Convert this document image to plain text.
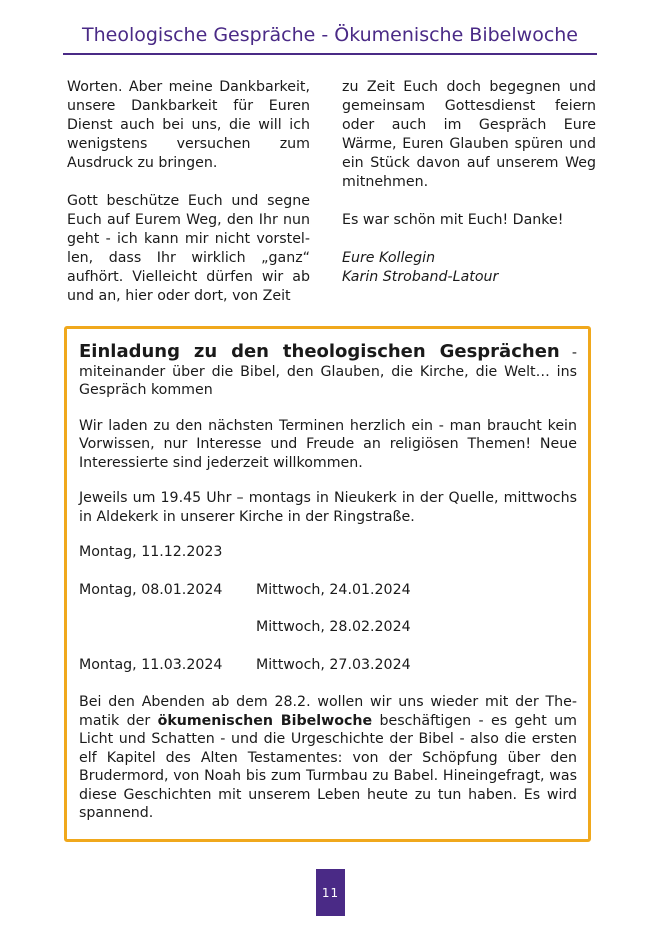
Theologische Gespräche - Ökumenische Bibelwoche

Worten. Aber meine Dankbarkeit, unsere Dankbarkeit für Euren Dienst auch bei uns, die will ich wenigstens versuchen zum Ausdruck zu bringen.

Gott beschütze Euch und segne Euch auf Eurem Weg, den Ihr nun geht - ich kann mir nicht vorstellen, dass Ihr wirklich „ganz“ aufhört. Vielleicht dürfen wir ab und an, hier oder dort, von Zeit

zu Zeit Euch doch begegnen und gemeinsam Gottesdienst feiern oder auch im Gespräch Eure Wärme, Euren Glauben spüren und ein Stück davon auf unserem Weg mitnehmen.

Es war schön mit Euch! Danke!

Eure Kollegin

Karin Stroband-Latour

Einladung zu den theologischen Gesprächen - miteinander über die Bibel, den Glauben, die Kirche, die Welt… ins Gespräch kommen

Wir laden zu den nächsten Terminen herzlich ein - man braucht kein Vorwissen, nur Interesse und Freude an religiösen Themen! Neue Interessierte sind jederzeit willkommen.

Jeweils um 19.45 Uhr – montags in Nieukerk in der Quelle, mittwochs in Aldekerk in unserer Kirche in der Ringstraße.

Montag, 11.12.2023
Montag, 08.01.2024	Mittwoch, 24.01.2024
Mittwoch, 28.02.2024
Montag, 11.03.2024	Mittwoch, 27.03.2024

Bei den Abenden ab dem 28.2. wollen wir uns wieder mit der Thematik der ökumenischen Bibelwoche beschäftigen - es geht um Licht und Schatten - und die Urgeschichte der Bibel - also die ersten elf Kapitel des Alten Testamentes: von der Schöpfung über den Brudermord, von Noah bis zum Turmbau zu Babel. Hineingefragt, was diese Geschichten mit unserem Leben heute zu tun haben. Es wird spannend.

11
